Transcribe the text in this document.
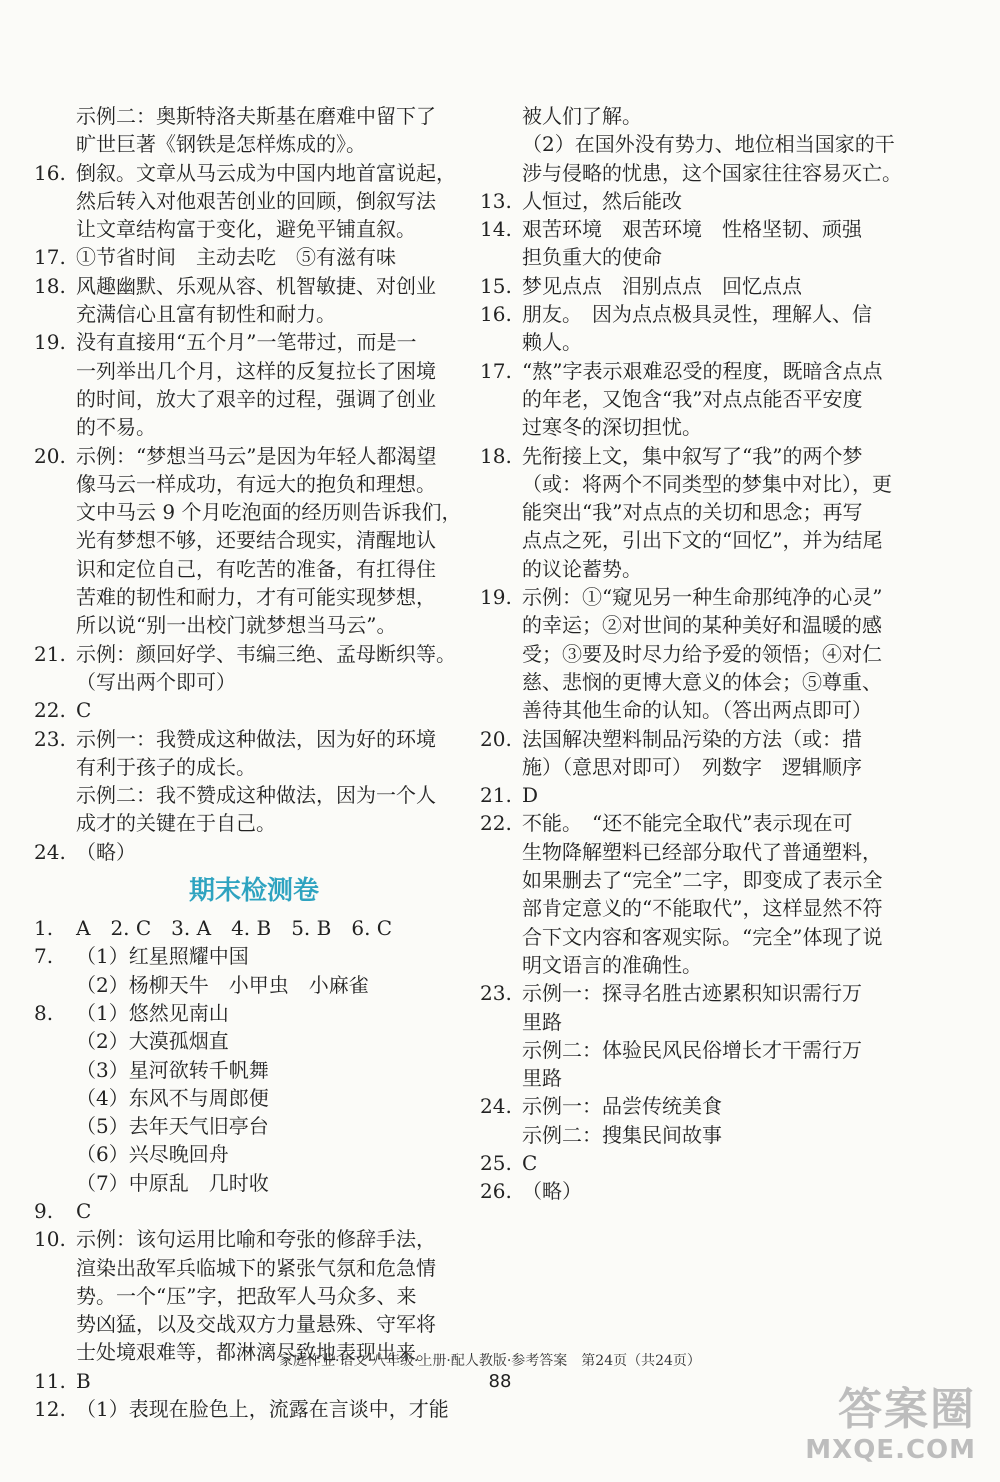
示例二：奥斯特洛夫斯基在磨难中留下了
旷世巨著《钢铁是怎样炼成的》。
16. 倒叙。文章从马云成为中国内地首富说起，
然后转入对他艰苦创业的回顾，倒叙写法
让文章结构富于变化，避免平铺直叙。
17. ①节省时间　主动去吃　⑤有滋有味
18. 风趣幽默、乐观从容、机智敏捷、对创业
充满信心且富有韧性和耐力。
19. 没有直接用“五个月”一笔带过，而是一
一列举出几个月，这样的反复拉长了困境
的时间，放大了艰辛的过程，强调了创业
的不易。
20. 示例：“梦想当马云”是因为年轻人都渴望
像马云一样成功，有远大的抱负和理想。
文中马云 9 个月吃泡面的经历则告诉我们，
光有梦想不够，还要结合现实，清醒地认
识和定位自己，有吃苦的准备，有扛得住
苦难的韧性和耐力，才有可能实现梦想，
所以说“别一出校门就梦想当马云”。
21. 示例：颜回好学、韦编三绝、孟母断织等。
（写出两个即可）
22. C
23. 示例一：我赞成这种做法，因为好的环境
有利于孩子的成长。
示例二：我不赞成这种做法，因为一个人
成才的关键在于自己。
24. （略）
期末检测卷
1. A　2. C　3. A　4. B　5. B　6. C
7. （1）红星照耀中国
（2）杨柳天牛　小甲虫　小麻雀
8. （1）悠然见南山
（2）大漠孤烟直
（3）星河欲转千帆舞
（4）东风不与周郎便
（5）去年天气旧亭台
（6）兴尽晚回舟
（7）中原乱　几时收
9. C
10. 示例：该句运用比喻和夸张的修辞手法，
渲染出敌军兵临城下的紧张气氛和危急情
势。一个“压”字，把敌军人马众多、来
势凶猛，以及交战双方力量悬殊、守军将
士处境艰难等，都淋漓尽致地表现出来。
11. B
12. （1）表现在脸色上，流露在言谈中，才能
被人们了解。
（2）在国外没有势力、地位相当国家的干
涉与侵略的忧患，这个国家往往容易灭亡。
13. 人恒过，然后能改
14. 艰苦环境　艰苦环境　性格坚韧、顽强
担负重大的使命
15. 梦见点点　泪别点点　回忆点点
16. 朋友。　因为点点极具灵性，理解人、信
赖人。
17. “熬”字表示艰难忍受的程度，既暗含点点
的年老，又饱含“我”对点点能否平安度
过寒冬的深切担忧。
18. 先衔接上文，集中叙写了“我”的两个梦
（或：将两个不同类型的梦集中对比），更
能突出“我”对点点的关切和思念；再写
点点之死，引出下文的“回忆”，并为结尾
的议论蓄势。
19. 示例：①“窥见另一种生命那纯净的心灵”
的幸运；②对世间的某种美好和温暖的感
受；③要及时尽力给予爱的领悟；④对仁
慈、悲悯的更博大意义的体会；⑤尊重、
善待其他生命的认知。（答出两点即可）
20. 法国解决塑料制品污染的方法（或：措
施）（意思对即可）　列数字　逻辑顺序
21. D
22. 不能。　“还不能完全取代”表示现在可
生物降解塑料已经部分取代了普通塑料，
如果删去了“完全”二字，即变成了表示全
部肯定意义的“不能取代”，这样显然不符
合下文内容和客观实际。“完全”体现了说
明文语言的准确性。
23. 示例一：探寻名胜古迹累积知识需行万
里路
示例二：体验民风民俗增长才干需行万
里路
24. 示例一：品尝传统美食
示例二：搜集民间故事
25. C
26. （略）
家庭作业·语文·八年级·上册·配人教版·参考答案　第24页（共24页）
88
答案圈
MXQE.COM
